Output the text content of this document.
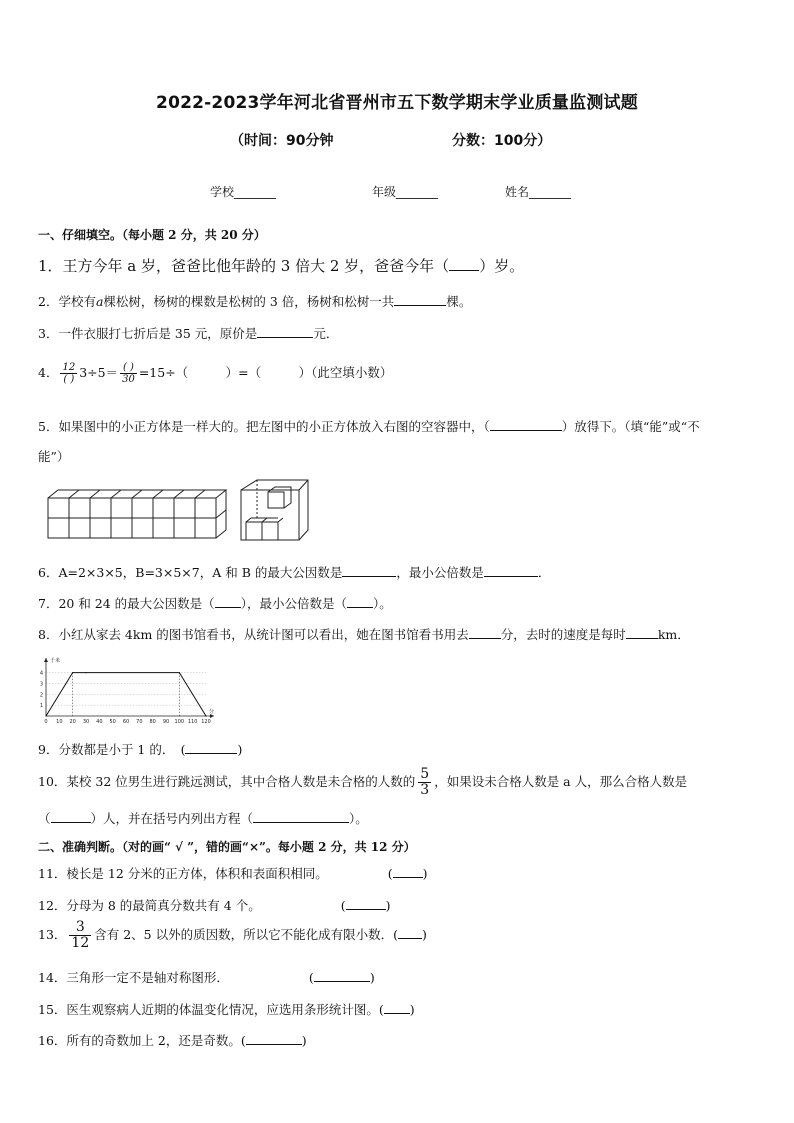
2022-2023学年河北省晋州市五下数学期末学业质量监测试题
（时间：90分钟	分数：100分）
学校_______	年级_______	姓名_______
一、仔细填空。（每小题 2 分，共 20 分）
1．王方今年 a 岁，爸爸比他年龄的 3 倍大 2 岁，爸爸今年（ ）岁。
2．学校有a棵松树，杨树的棵数是松树的 3 倍，杨树和松树一共	棵。
3．一件衣服打七折后是 35 元，原价是	元．
4． $\frac{12}{( )} 3\div 5= \frac{( )}{30} =15\div$（　　　）=（　　　）（此空填小数）
5．如果图中的小正方体是一样大的。把左图中的小正方体放入右图的空容器中，（	）放得下。（填“能”或“不
能”）
6．A=2×3×5，B=3×5×7，A 和 B 的最大公因数是	，最小公倍数是	．
7．20 和 24 的最大公因数是（ ），最小公倍数是（ ）。
8．小红从家去 4km 的图书馆看书，从统计图可以看出，她在图书馆看书用去	分，去时的速度是每时	km．
1
2
3
4
0 10 20 30 40 50 60 70 80 90 100 110 120
千米
分
9．分数都是小于 1 的．　(	)
10．某校 32 位男生进行跳远测试，其中合格人数是未合格的人数的 $\frac{5}{3}$ ，如果设未合格人数是 a 人，那么合格人数是
（	）人，并在括号内列出方程（	）。
二、准确判断。（对的画“ √ ”，错的画“×”。每小题 2 分，共 12 分）
11．棱长是 12 分米的正方体，体积和表面积相同。	( )
12．分母为 8 的最简真分数共有 4 个。	(	)
13． $\frac{3}{12}$ 含有 2、5 以外的质因数，所以它不能化成有限小数．( )
14．三角形一定不是轴对称图形．	(	)
15．医生观察病人近期的体温变化情况，应选用条形统计图。( )
16．所有的奇数加上 2，还是奇数。(	)
